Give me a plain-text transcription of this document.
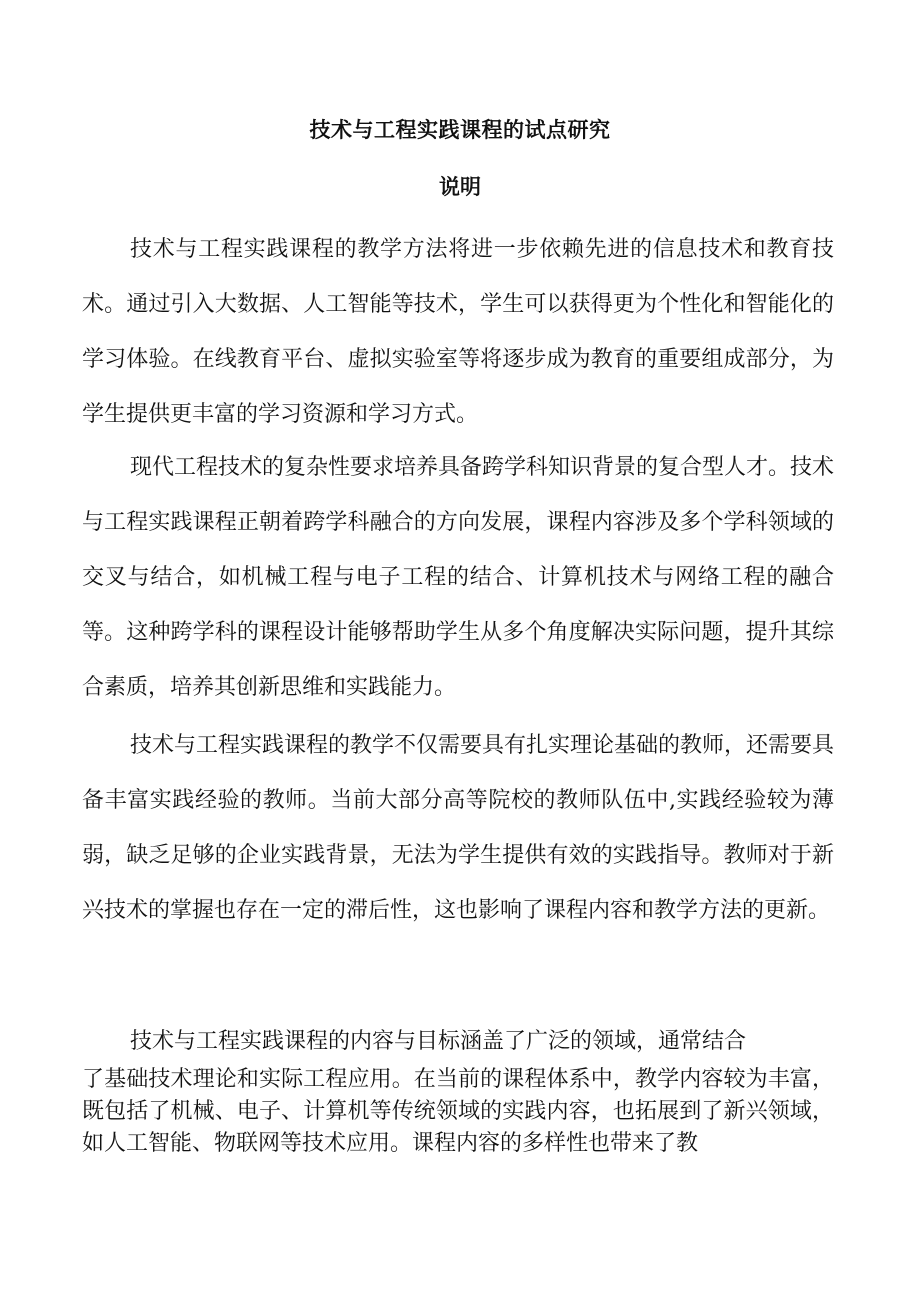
技术与工程实践课程的试点研究
说明

技术与工程实践课程的教学方法将进一步依赖先进的信息技术和教育技术。通过引入大数据、人工智能等技术，学生可以获得更为个性化和智能化的学习体验。在线教育平台、虚拟实验室等将逐步成为教育的重要组成部分，为学生提供更丰富的学习资源和学习方式。

现代工程技术的复杂性要求培养具备跨学科知识背景的复合型人才。技术与工程实践课程正朝着跨学科融合的方向发展，课程内容涉及多个学科领域的交叉与结合，如机械工程与电子工程的结合、计算机技术与网络工程的融合等。这种跨学科的课程设计能够帮助学生从多个角度解决实际问题，提升其综合素质，培养其创新思维和实践能力。

技术与工程实践课程的教学不仅需要具有扎实理论基础的教师，还需要具备丰富实践经验的教师。当前大部分高等院校的教师队伍中,实践经验较为薄弱，缺乏足够的企业实践背景，无法为学生提供有效的实践指导。教师对于新兴技术的掌握也存在一定的滞后性，这也影响了课程内容和教学方法的更新。

技术与工程实践课程的内容与目标涵盖了广泛的领域，通常结合

了基础技术理论和实际工程应用。在当前的课程体系中，教学内容较为丰富，既包括了机械、电子、计算机等传统领域的实践内容，也拓展到了新兴领域，如人工智能、物联网等技术应用。课程内容的多样性也带来了教
